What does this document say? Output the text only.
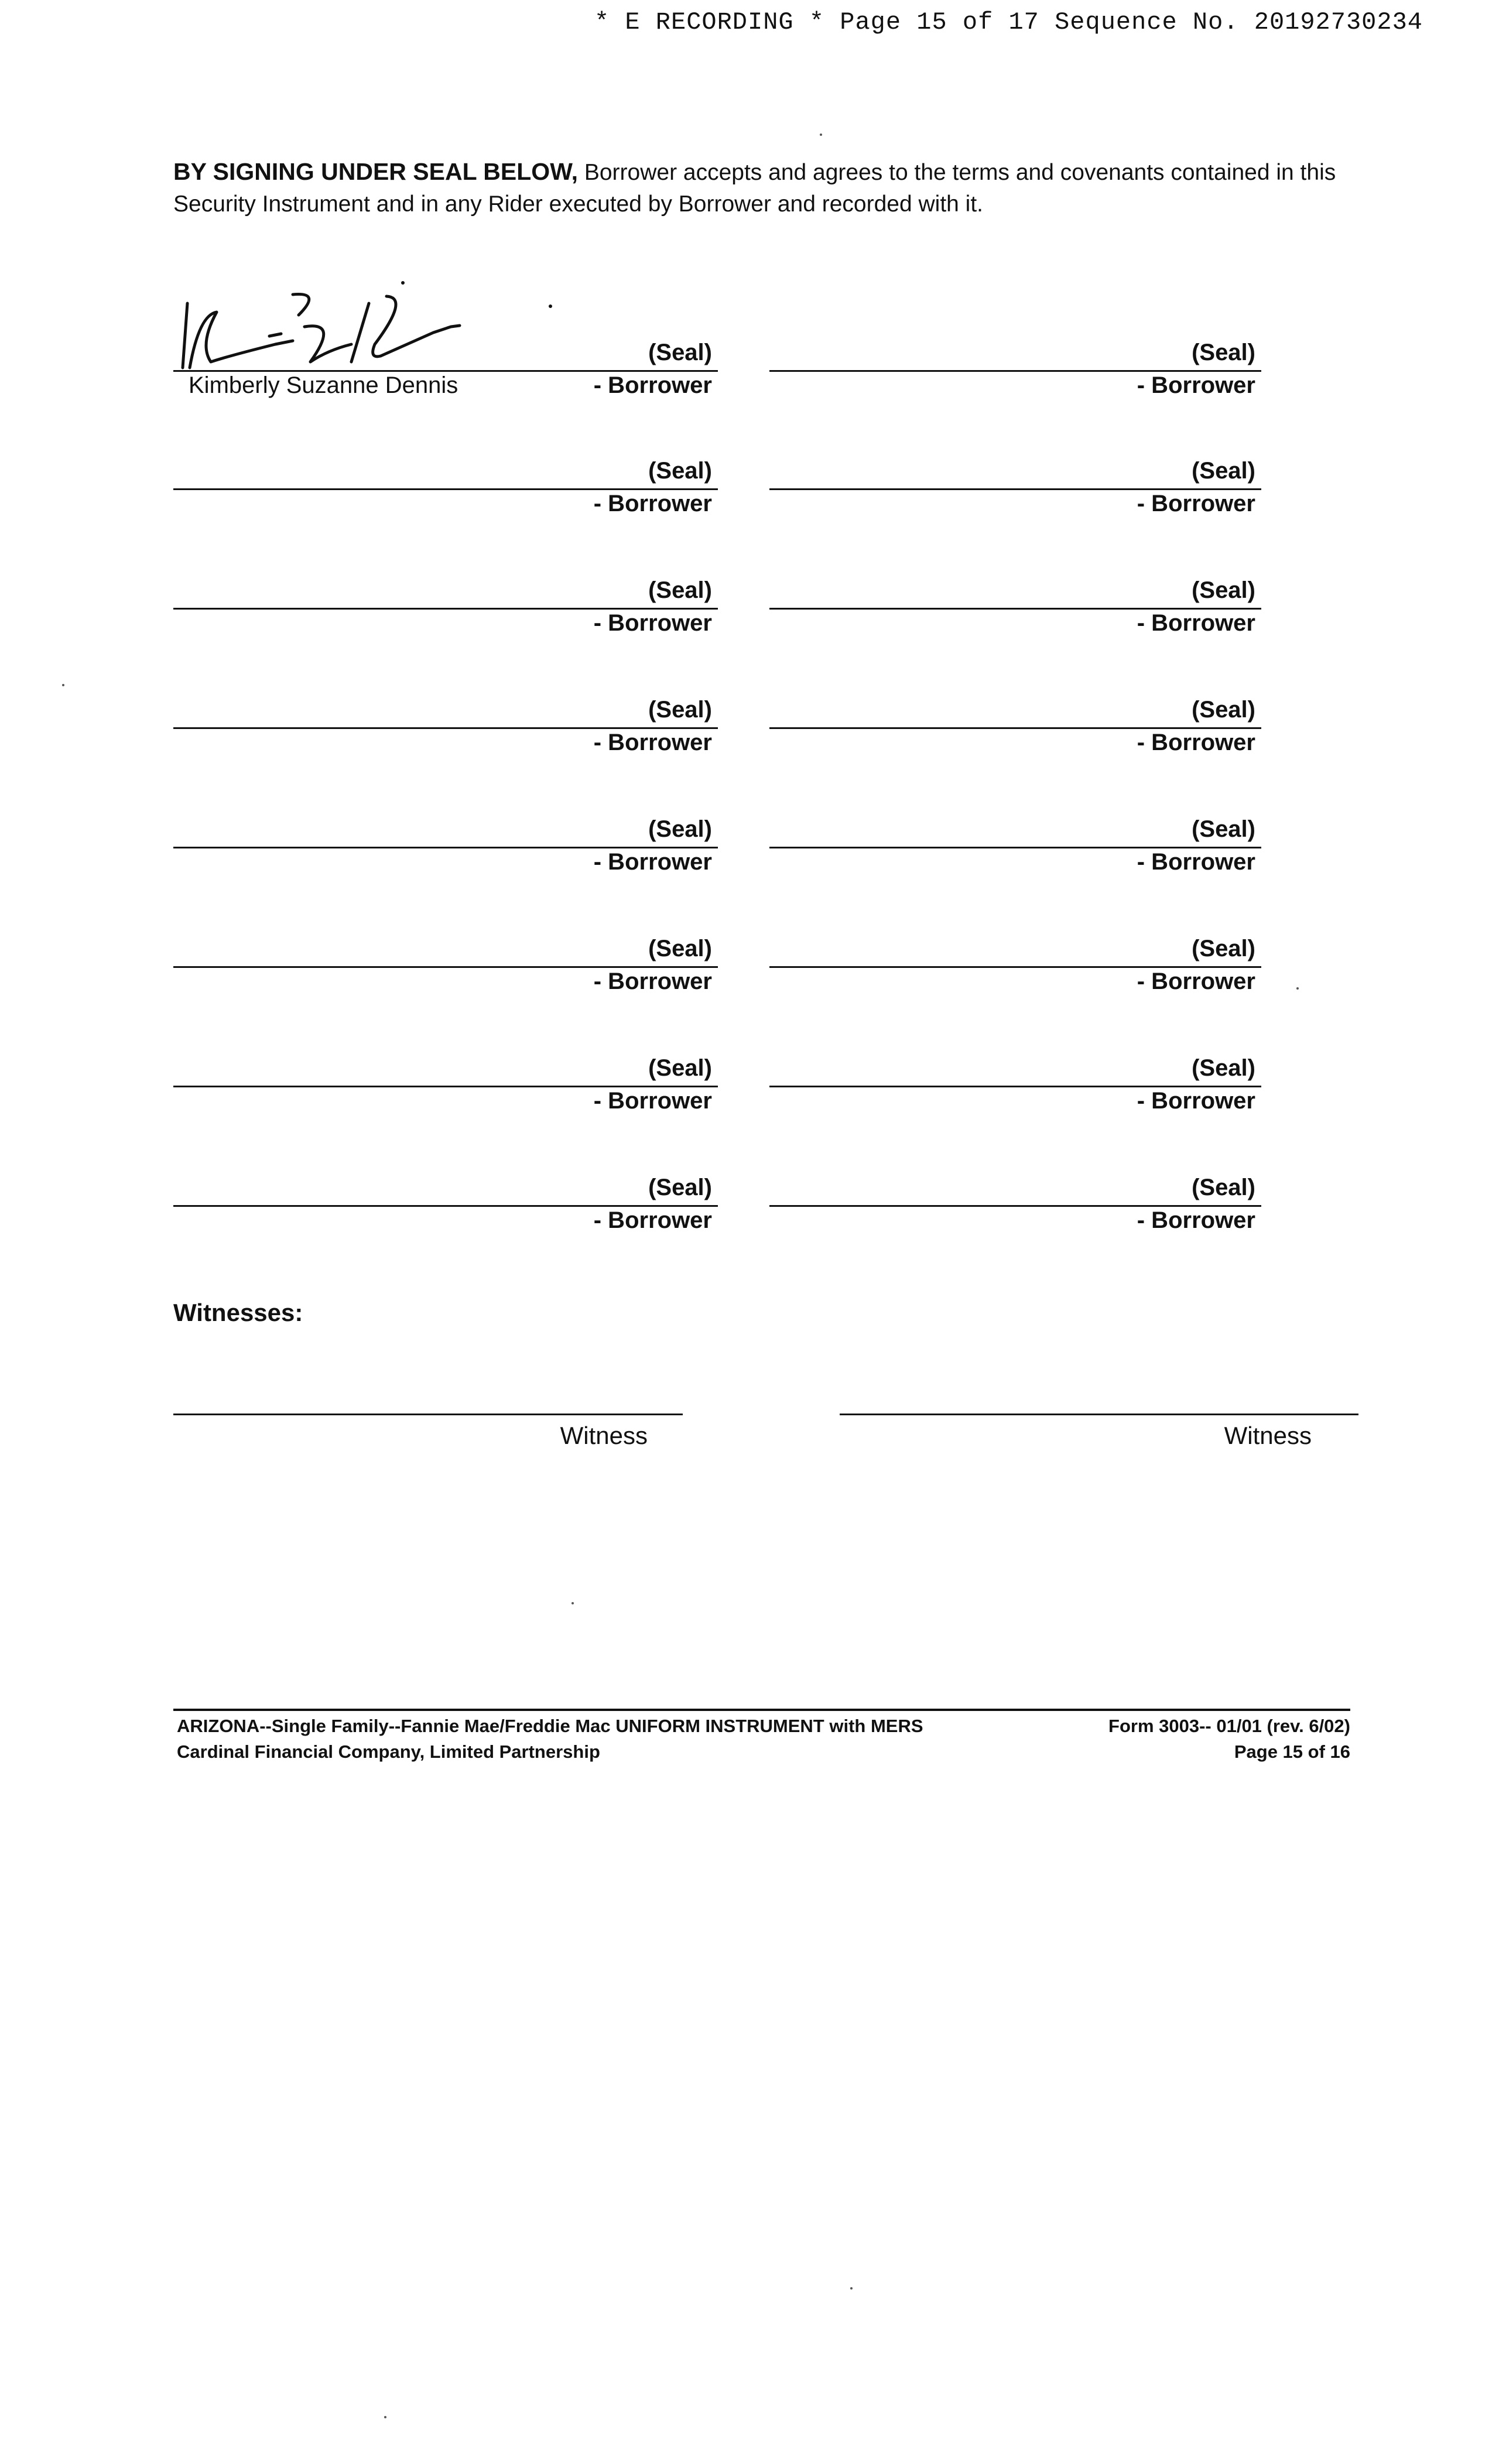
* E RECORDING * Page 15 of 17 Sequence No. 20192730234
BY SIGNING UNDER SEAL BELOW, Borrower accepts and agrees to the terms and covenants contained in this Security Instrument and in any Rider executed by Borrower and recorded with it.
(Seal)
Kimberly Suzanne Dennis	- Borrower
(Seal)
- Borrower
(Seal)
- Borrower
(Seal)
- Borrower
(Seal)
- Borrower
(Seal)
- Borrower
(Seal)
- Borrower
(Seal)
- Borrower
(Seal)
- Borrower
(Seal)
- Borrower
(Seal)
- Borrower
(Seal)
- Borrower
(Seal)
- Borrower
(Seal)
- Borrower
(Seal)
- Borrower
(Seal)
- Borrower
Witnesses:
Witness	Witness
ARIZONA--Single Family--Fannie Mae/Freddie Mac UNIFORM INSTRUMENT with MERS
Cardinal Financial Company, Limited Partnership
Form 3003-- 01/01 (rev. 6/02)
Page 15 of 16
